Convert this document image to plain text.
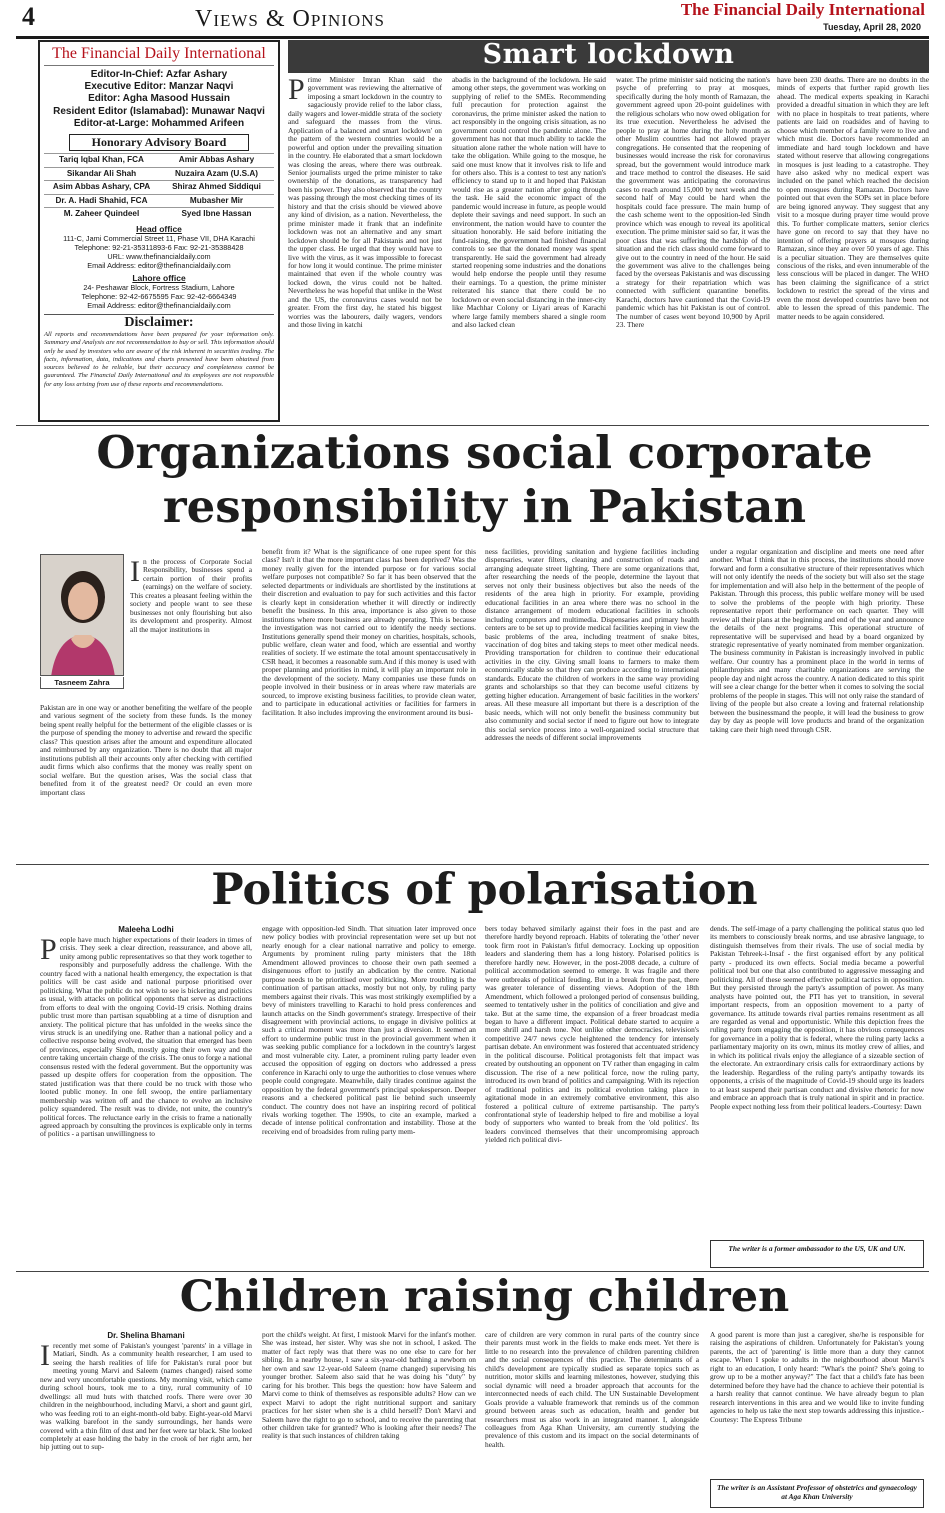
4	Views & Opinions	The Financial Daily International
Tuesday, April 28, 2020
The Financial Daily International
Editor-In-Chief: Azfar Ashary
Executive Editor: Manzar Naqvi
Editor: Agha Masood Hussain
Resident Editor (Islamabad): Munawar Naqvi
Editor-at-Large: Mohammed Arifeen
Honorary Advisory Board
Tariq Iqbal Khan, FCA	Amir Abbas Ashary
Sikandar Ali Shah	Nuzaira Azam (U.S.A)
Asim Abbas Ashary, CPA	Shiraz Ahmed Siddiqui
Dr. A. Hadi Shahid, FCA	Mubasher Mir
M. Zaheer Quindeel	Syed Ibne Hassan
Head office
111-C, Jami Commercial Street 11, Phase VII, DHA Karachi
Telephone: 92-21-35311893-6 Fax: 92-21-35388428
URL: www.thefinancialdaily.com
Email Address: editor@thefinancialdaily.com
Lahore office
24- Peshawar Block, Fortress Stadium, Lahore
Telephone: 92-42-6675595 Fax: 92-42-6664349
Email Address: editor@thefinancialdaily.com
Disclaimer:
All reports and recommendations have been prepared for your information only. Summary and Analysis are not recommendation to buy or sell. This information should only be used by investors who are aware of the risk inherent in securities trading. The facts, information, data, indications and charts presented have been obtained from sources believed to be reliable, but their accuracy and completeness cannot be guaranteed. The Financial Daily International and its employees are not responsible for any loss arising from use of these reports and recommendations.
Smart lockdown
Prime Minister Imran Khan said the government was reviewing the alternative of imposing a smart lockdown in the country to sagaciously provide relief to the labor class, daily wagers and lower-middle strata of the society and safeguard the masses from the virus. Application of a balanced and smart lockdown' on the pattern of the western countries would be a powerful and option under the prevailing situation in the country. He elaborated that a smart lockdown was closing the areas, where there was outbreak. Senior journalists urged the prime minister to take ownership of the donations, as transparency had been his power. They also observed that the country was passing through the most checking times of its history and that the crisis should be viewed above any kind of division, as a nation. Nevertheless, the prime minister made it frank that an indefinite lockdown was not an alternative and any smart lockdown should be for all Pakistanis and not just the upper class. He urged that they would have to live with the virus, as it was impossible to forecast for how long it would continue. The prime minister maintained that even if the whole country was locked down, the virus could not be halted. Nevertheless he was hopeful that unlike in the West and the US, the coronavirus cases would not be greater. From the first day, he stated his biggest worries was the labourers, daily wagers, vendors and those living in katchi
abadis in the background of the lockdown. He said among other steps, the government was working on supplying of relief to the SMEs. Recommending full precaution for protection against the coronavirus, the prime minister asked the nation to act responsibly in the ongoing crisis situation, as no government could control the pandemic alone. The government has not that much ability to tackle the situation alone rather the whole nation will have to take the obligation. While going to the mosque, he said one must know that it involves risk to life and for others also. This is a contest to test any nation's efficiency to stand up to it and hoped that Pakistan would rise as a greater nation after going through the task. He said the economic impact of the pandemic would increase in future, as people would deplete their savings and need support. In such an environment, the nation would have to counter the situation honorably. He said before initiating the fund-raising, the government had finished financial controls to see that the donated money was spent transparently. He said the government had already started reopening some industries and the donations would help endorse the people until they resume their earnings. To a question, the prime minister reiterated his stance that there could be no lockdown or even social distancing in the inner-city like Machhar Colony or Liyari areas of Karachi where large family members shared a single room and also lacked clean
water. The prime minister said noticing the nation's psyche of preferring to pray at mosques, specifically during the holy month of Ramazan, the government agreed upon 20-point guidelines with the religious scholars who now owed obligation for its true execution. Nevertheless he advised the people to pray at home during the holy month as other Muslim countries had not allowed prayer congregations. He consented that the reopening of businesses would increase the risk for coronavirus spread, but the government would introduce mark and trace method to control the diseases. He said the government was anticipating the coronavirus cases to reach around 15,000 by next week and the second half of May could be hard when the hospitals could face pressure. The main hump of the cash scheme went to the opposition-led Sindh province which was enough to reveal its apolitical execution. The prime minister said so far, it was the poor class that was suffering the hardship of the situation and the rich class should come forward to give out to the country in need of the hour. He said the government was alive to the challenges being faced by the overseas Pakistanis and was discussing a strategy for their repatriation which was connected with sufficient quarantine benefits. Karachi, doctors have cautioned that the Covid-19 pandemic which has hit Pakistan is out of control. The number of cases went beyond 10,900 by April 23. There
have been 230 deaths. There are no doubts in the minds of experts that further rapid growth lies ahead. The medical experts speaking in Karachi provided a dreadful situation in which they are left with no place in hospitals to treat patients, where patients are laid on roadsides and of having to choose which member of a family were to live and which must die. Doctors have recommended an immediate and hard tough lockdown and have stated without reserve that allowing congregations in mosques is just leading to a catastrophe. They have also asked why no medical expert was included on the panel which reached the decision to open mosques during Ramazan. Doctors have pointed out that even the SOPs set in place before are being ignored anyway. They suggest that any visit to a mosque during prayer time would prove this. To further complicate matters, senior clerics have gone on record to say that they have no intention of offering prayers at mosques during Ramazan, since they are over 50 years of age. This is a peculiar situation. They are themselves quite conscious of the risks, and even innumerable of the less conscious will be placed in danger. The WHO has been claiming the significance of a strict lockdown to restrict the spread of the virus and even the most developed countries have been not able to lessen the spread of this pandemic. The matter needs to be again considered.
Organizations social corporate responsibility in Pakistan
Tasneem Zahra
In the process of Corporate Social Responsibility, businesses spend a certain portion of their profits (earnings) on the welfare of society. This creates a pleasant feeling within the society and people want to see these businesses not only flourishing but also its development and prosperity. Almost all the major institutions in
Pakistan are in one way or another benefiting the welfare of the people and various segment of the society from these funds. Is the money being spent really helpful for the betterment of the eligible classes or is the purpose of spending the money to advertise and reward the specific class? This question arises after the amount and expenditure allocated and reimbursed by any organization. There is no doubt that all major institutions publish all their accounts only after checking with certified audit firms which also confirms that the money was really spent on social welfare. But the question arises, Was the social class that benefited from it of the greatest need? Or could an even more important class
benefit from it? What is the significance of one rupee spent for this class? Isn't it that the more important class has been deprived? Was the money really given for the intended purpose or for various social welfare purposes not compatible? So far it has been observed that the selected departments or individuals are shortlisted by the institutions at their discretion and evaluation to pay for such activities and this factor is clearly kept in consideration whether it will directly or indirectly benefit the business. In this area, importance is also given to those institutions where more business are already operating. This is because the investigation was not carried out to identify the needy sections. Institutions generally spend their money on charities, hospitals, schools, public welfare, clean water and food, which are essential and worthy realities of society. If we estimate the total amount spentaccusatively in CSR head, it becomes a reasonable sum.And if this money is used with proper planning and priorities in mind, it will play an important role in the development of the society. Many companies use these funds on people involved in their business or in areas where raw materials are sourced, to improve existing business facilities, to provide clean water, and to participate in educational activities or facilities for farmers in facilitation. It also includes improving the environment around its busi-
ness facilities, providing sanitation and hygiene facilities including dispensaries, water filters, cleaning and construction of roads and arranging adequate street lighting. There are some organizations that, after researching the needs of the people, determine the layout that serves not only their business objectives but also the needs of the residents of the area high in priority. For example, providing educational facilities in an area where there was no school in the distance arrangement of modern educational facilities in schools including computers and multimedia. Dispensaries and primary health centers are to be set up to provide medical facilities keeping in view the basic problems of the area, including treatment of snake bites, vaccination of dog bites and taking steps to meet other medical needs. Providing transportation for children to continue their educational activities in the city. Giving small loans to farmers to make them economically stable so that they can produce according to international standards. Educate the children of workers in the same way providing grants and scholarships so that they can become useful citizens by getting higher education. Arrangement of basic facilities in the workers' areas. All these measure all important but there is a description of the basic needs, which will not only benefit the business community but also community and social sector if need to figure out how to integrate this social service process into a well-organized social structure that addresses the needs of different social improvements
under a regular organization and discipline and meets one need after another. What I think that in this process, the institutions should move forward and form a consultative structure of their representatives which will not only identify the needs of the society but will also set the stage for implementation and will also help in the betterment of the people of Pakistan. Through this process, this public welfare money will be used to solve the problems of the people with high priority. These representative report their performance on each quarter. They will review all their plans at the beginning and end of the year and announce the details of the next programs. This operational structure of representative will be supervised and head by a board organized by strategic representative of yearly nominated from member organization. The business community in Pakistan is increasingly involved in public welfare. Our country has a prominent place in the world in terms of philanthropists and many charitable organizations are serving the people day and night across the country. A nation dedicated to this spirit will see a clear change for the better when it comes to solving the social problems of the people in stages. This will not only raise the standard of living of the people but also create a loving and fraternal relationship between the businessmand the people, it will lead the business to grow day by day as people will love products and brand of the organization taking care their high need through CSR.
Politics of polarisation
Maleeha Lodhi
People have much higher expectations of their leaders in times of crisis. They seek a clear direction, reassurance, and above all, unity among public representatives so that they work together to responsibly and purposefully address the challenge. With the country faced with a national health emergency, the expectation is that politics will be cast aside and national purpose prioritised over politicking. What the public do not wish to see is bickering and politics as usual, with attacks on political opponents that serve as distractions from efforts to deal with the ongoing Covid-19 crisis. Nothing drains public trust more than partisan squabbling at a time of disruption and anxiety. The political picture that has unfolded in the weeks since the virus struck is an unedifying one. Rather than a national policy and a collective response being evolved, the situation that emerged has been of provinces, especially Sindh, mostly going their own way and the centre taking uncertain charge of the crisis. The onus to forge a national consensus rested with the federal government. But the opportunity was passed up despite offers for cooperation from the opposition. The stated justification was that there could be no truck with those who looted public money. In one fell swoop, the entire parliamentary membership was written off and the chance to evolve an inclusive policy squandered. The result was to divide, not unite, the country's political forces. The reluctance early in the crisis to frame a nationally agreed approach by consulting the provinces is explicable only in terms of politics - a partisan unwillingness to
engage with opposition-led Sindh. That situation later improved once new policy bodies with provincial representation were set up but not nearly enough for a clear national narrative and policy to emerge. Arguments by prominent ruling party ministers that the 18th Amendment allowed provinces to choose their own path seemed a disingenuous effort to justify an abdication by the centre. National purpose needs to be prioritised over politicking. More troubling is the continuation of partisan attacks, mostly but not only, by ruling party members against their rivals. This was most strikingly exemplified by a bevy of ministers travelling to Karachi to hold press conferences and launch attacks on the Sindh government's strategy. Irrespective of their disagreement with provincial actions, to engage in divisive politics at such a critical moment was more than just a diversion. It seemed an effort to undermine public trust in the provincial government when it was seeking public compliance for a lockdown in the country's largest and most vulnerable city. Later, a prominent ruling party leader even accused the opposition of egging on doctors who addressed a press conference in Karachi only to urge the authorities to close venues where people could congregate. Meanwhile, daily tirades continue against the opposition by the federal government's principal spokesperson. Deeper reasons and a checkered political past lie behind such unseemly conduct. The country does not have an inspiring record of political rivals working together. The 1990s, to cite an example, marked a decade of intense political confrontation and instability. Those at the receiving end of broadsides from ruling party mem-
bers today behaved similarly against their foes in the past and are therefore hardly beyond reproach. Habits of tolerating the 'other' never took firm root in Pakistan's fitful democracy. Locking up opposition leaders and slandering them has a long history. Polarised politics is therefore hardly new. However, in the post-2008 decade, a culture of political accommodation seemed to emerge. It was fragile and there were outbreaks of political feuding. But in a break from the past, there was greater tolerance of dissenting views. Adoption of the 18th Amendment, which followed a prolonged period of consensus building, seemed to tentatively usher in the politics of conciliation and give and take. But at the same time, the expansion of a freer broadcast media began to have a different impact. Political debate started to acquire a more shrill and harsh tone. Not unlike other democracies, television's competitive 24/7 news cycle heightened the tendency for intensely partisan debate. An environment was fostered that accentuated stridency in the political discourse. Political protagonists felt that impact was created by outshouting an opponent on TV rather than engaging in calm discussion. The rise of a new political force, now the ruling party, introduced its own brand of politics and campaigning. With its rejection of traditional politics and its political evolution taking place in agitational mode in an extremely combative environment, this also fostered a political culture of extreme partisanship. The party's confrontational style of leadership helped to fire and mobilise a loyal body of supporters who wanted to break from the 'old politics'. Its leaders convinced themselves that their uncompromising approach yielded rich political divi-
dends. The self-image of a party challenging the political status quo led its members to consciously break norms, and use abrasive language, to distinguish themselves from their rivals. The use of social media by Pakistan Tehreek-i-Insaf - the first organised effort by any political party - produced its own effects. Social media became a powerful political tool but one that also contributed to aggressive messaging and politicking. All of these seemed effective political tactics in opposition. But they persisted through the party's assumption of power. As many analysts have pointed out, the PTI has yet to transition, in several important respects, from an opposition movement to a party of governance. Its attitude towards rival parties remains resentment as all are regarded as venal and opportunistic. While this depiction frees the ruling party from engaging the opposition, it has obvious consequences for governance in a polity that is federal, where the ruling party lacks a parliamentary majority on its own, minus its motley crew of allies, and in which its political rivals enjoy the allegiance of a sizeable section of the electorate. An extraordinary crisis calls for extraordinary actions by the leadership. Regardless of the ruling party's antipathy towards its opponents, a crisis of the magnitude of Covid-19 should urge its leaders to at least suspend their partisan conduct and divisive rhetoric for now and embrace an approach that is truly national in spirit and in practice. People expect nothing less from their political leaders.-Courtesy: Dawn
The writer is a former ambassador to the US, UK and UN.
Children raising children
Dr. Shelina Bhamani
Irecently met some of Pakistan's youngest 'parents' in a village in Matiari, Sindh. As a community health researcher, I am used to seeing the harsh realities of life for Pakistan's rural poor but meeting young Marvi and Saleem (names changed) raised some new and very uncomfortable questions. My morning visit, which came during school hours, took me to a tiny, rural community of 10 dwellings: all mud huts with thatched roofs. There were over 30 children in the neighbourhood, including Marvi, a short and gaunt girl, who was feeding roti to an eight-month-old baby. Eight-year-old Marvi was walking barefoot in the sandy surroundings, her hands were covered with a thin film of dust and her feet were tar black. She looked completely at ease holding the baby in the crook of her right arm, her hip jutting out to sup-
port the child's weight. At first, I mistook Marvi for the infant's mother. She was instead, her sister. Why was she not in school, I asked. The matter of fact reply was that there was no one else to care for her sibling. In a nearby house, I saw a six-year-old bathing a newborn on her own and saw 12-year-old Saleem (name changed) supervising his younger brother. Saleem also said that he was doing his "duty" by caring for his brother. This begs the question: how have Saleem and Marvi come to think of themselves as responsible adults? How can we expect Marvi to adopt the right nutritional support and sanitary practices for her sister when she is a child herself? Don't Marvi and Saleem have the right to go to school, and to receive the parenting that other children take for granted? Who is looking after their needs? The reality is that such instances of children taking
care of children are very common in rural parts of the country since their parents must work in the fields to make ends meet. Yet there is little to no research into the prevalence of children parenting children and the social consequences of this practice. The determinants of a child's development are typically studied as separate topics such as nutrition, motor skills and learning milestones, however, studying this social dynamic will need a broader approach that accounts for the interconnected needs of each child. The UN Sustainable Development Goals provide a valuable framework that reminds us of the common ground between areas such as education, health and gender but researchers must us also work in an integrated manner. I, alongside colleagues from Aga Khan University, am currently studying the prevalence of this custom and its impact on the social determinants of health.
A good parent is more than just a caregiver, she/he is responsible for raising the aspirations of children. Unfortunately for Pakistan's young parents, the act of 'parenting' is little more than a duty they cannot escape. When I spoke to adults in the neighbourhood about Marvi's right to an education, I only heard: "What's the point? She's going to grow up to be a mother anyway?" The fact that a child's fate has been determined before they have had the chance to achieve their potential is a harsh reality that cannot continue. We have already begun to plan research interventions in this area and we would like to invite funding agencies to help us take the next step towards addressing this injustice.- Courtesy: The Express Tribune
The writer is an Assistant Professor of obstetrics and gynaecology at Aga Khan University
